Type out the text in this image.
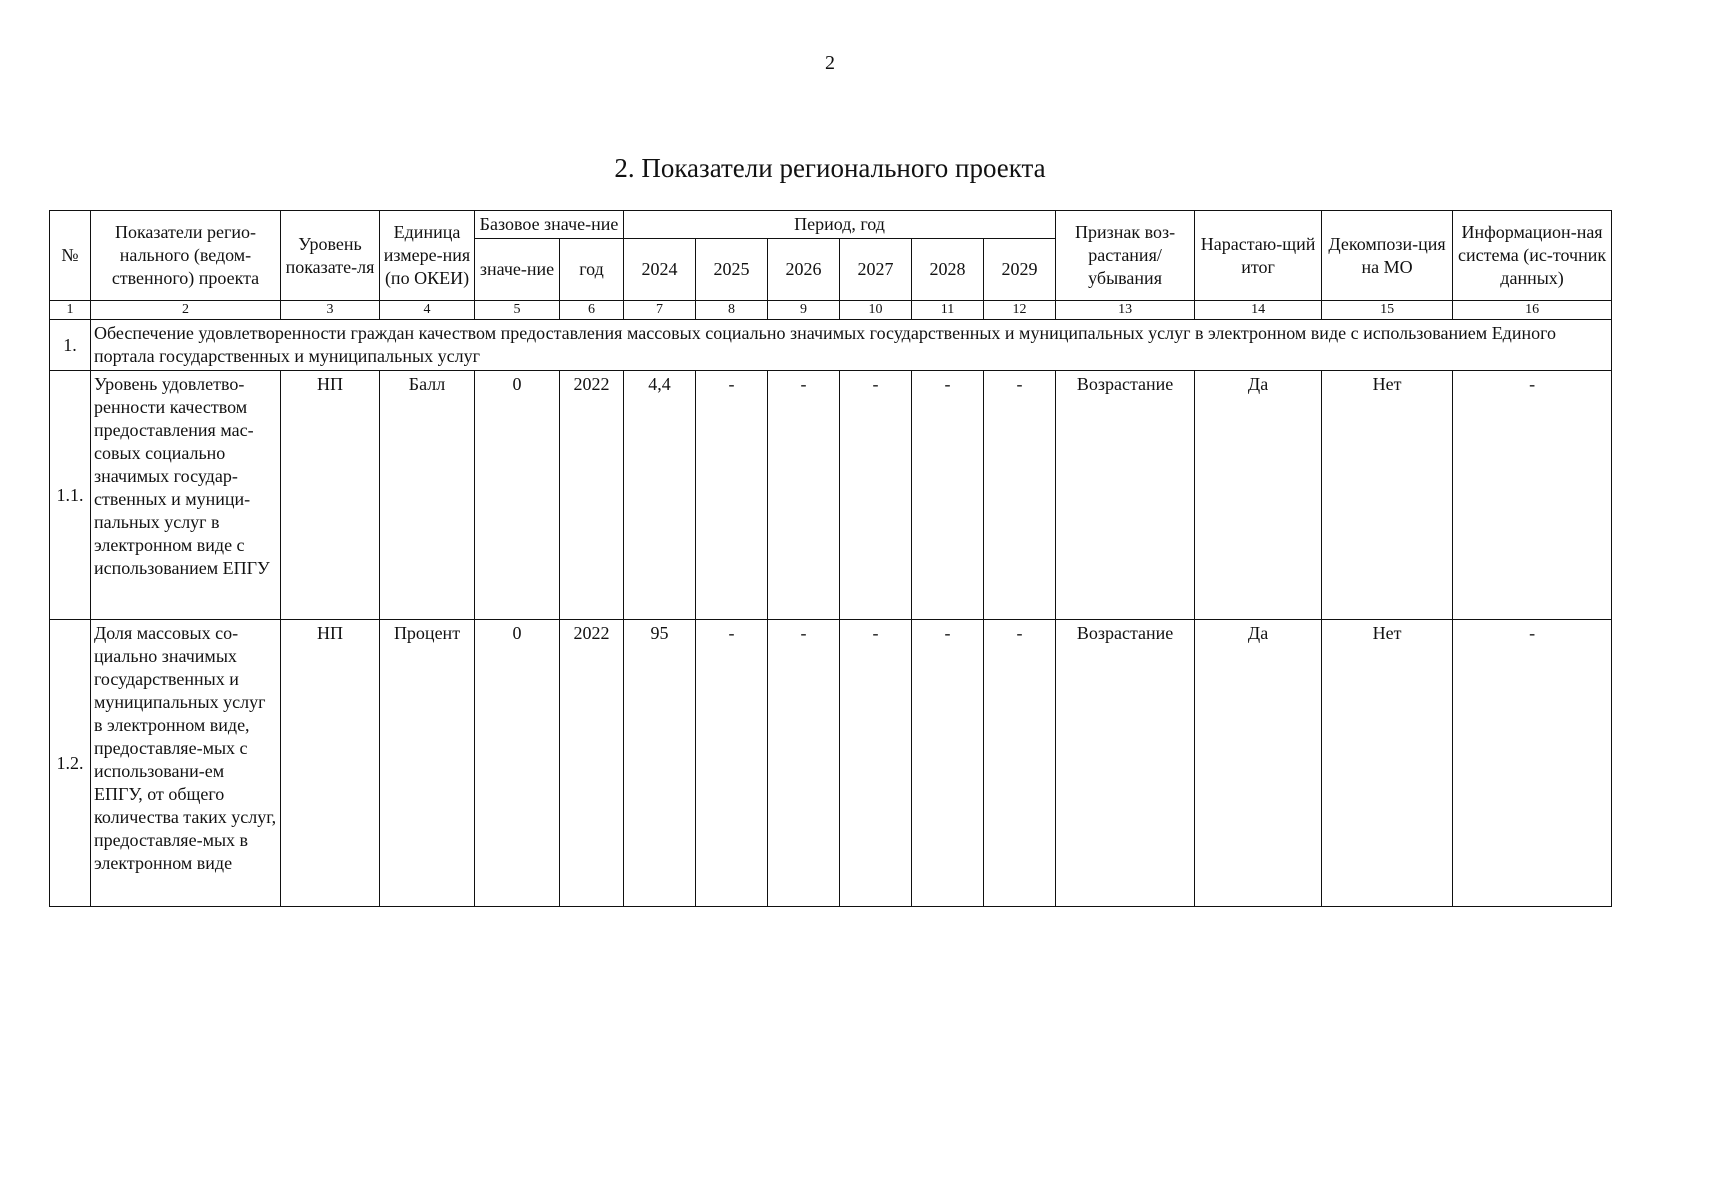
2
2. Показатели регионального проекта
№	Показатели регио-нального (ведом-ственного) проекта	Уровень показате-ля	Единица измере-ния (по ОКЕИ)	Базовое значе-ние		Период, год						Признак воз-растания/ убывания	Нарастаю-щий итог	Декомпози-ция на МО	Информацион-ная система (ис-точник данных)
				значе-ние	год	2024	2025	2026	2027	2028	2029				
1	2	3	4	5	6	7	8	9	10	11	12	13	14	15	16
1.	Обеспечение удовлетворенности граждан качеством предоставления массовых социально значимых государственных и муниципальных услуг в электронном виде с использованием Единого портала государственных и муниципальных услуг														
1.1.	Уровень удовлетво-ренности качеством предоставления мас-совых социально значимых государ-ственных и муници-пальных услуг в электронном виде с использованием ЕПГУ	НП	Балл	0	2022	4,4	-	-	-	-	-	Возрастание	Да	Нет	-
1.2.	Доля массовых со-циально значимых государственных и муниципальных услуг в электронном виде, предоставляе-мых с использовани-ем ЕПГУ, от общего количества таких услуг, предоставляе-мых в электронном виде	НП	Процент	0	2022	95	-	-	-	-	-	Возрастание	Да	Нет	-
